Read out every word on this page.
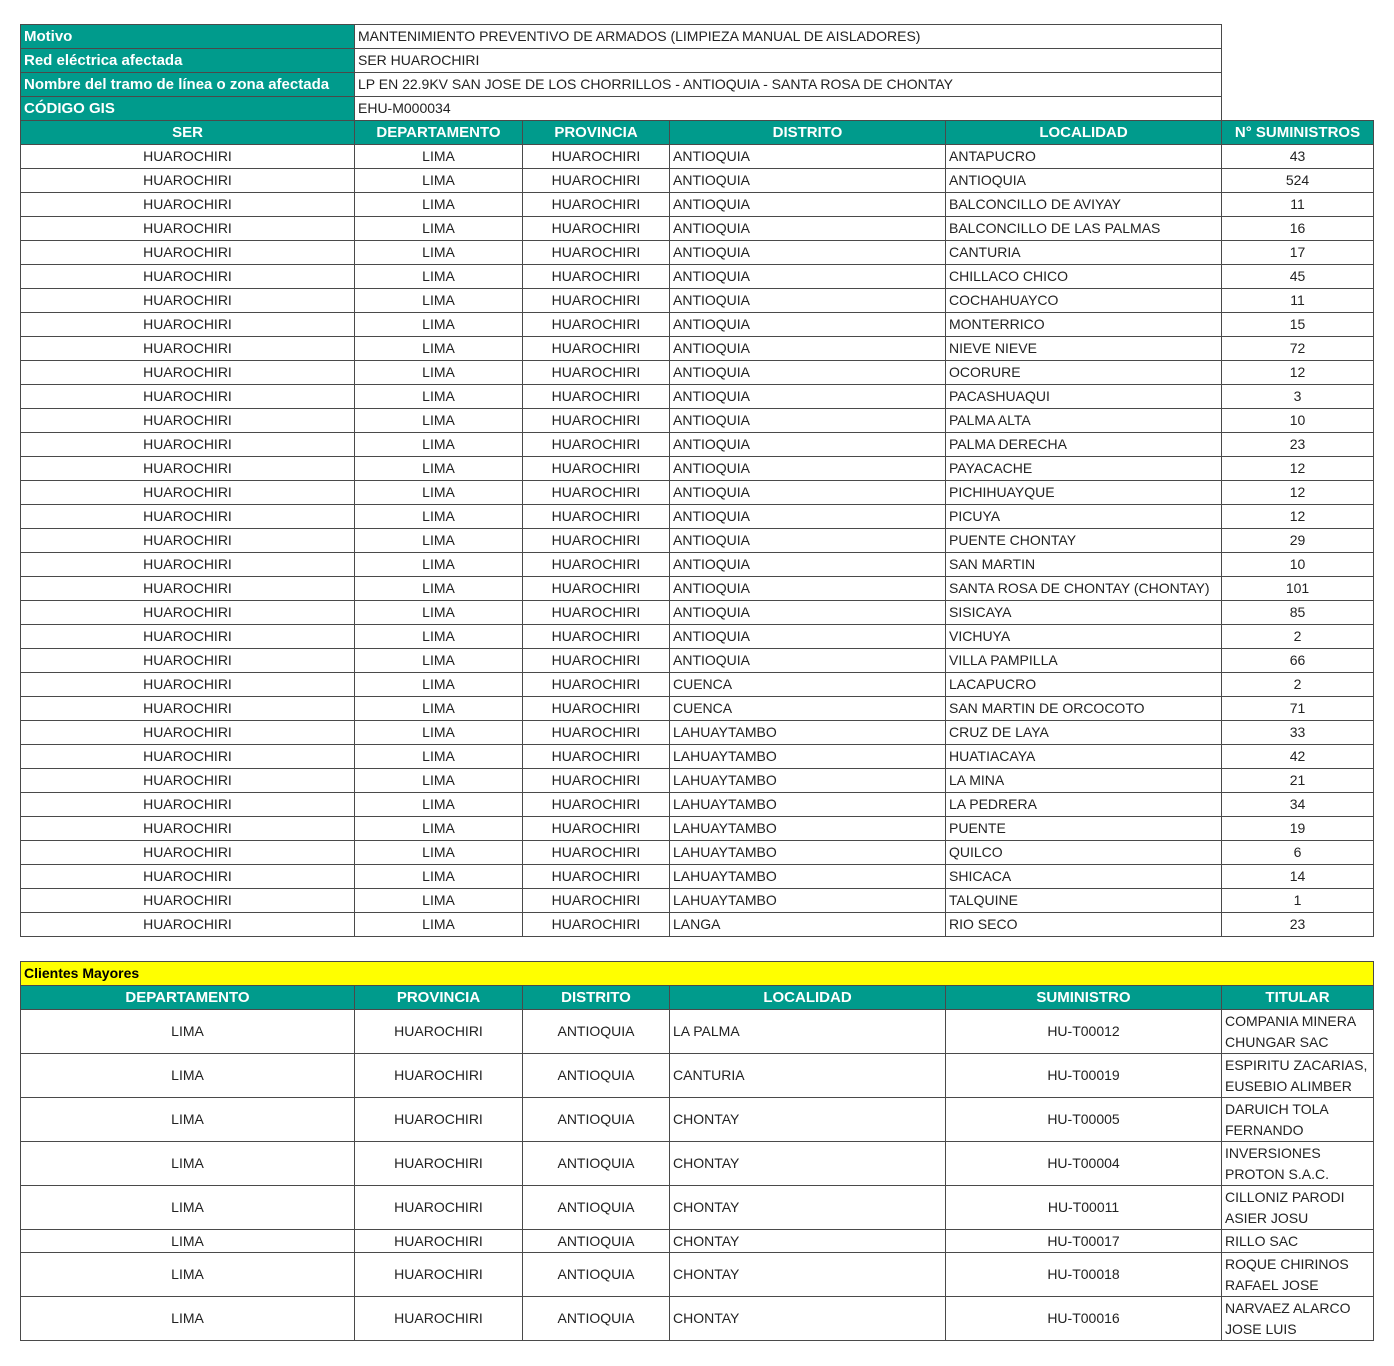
Motivo	MANTENIMIENTO PREVENTIVO DE ARMADOS (LIMPIEZA MANUAL DE AISLADORES)				
Red eléctrica afectada	SER HUAROCHIRI				
Nombre del tramo de línea o zona afectada	LP EN 22.9KV SAN JOSE DE LOS CHORRILLOS - ANTIOQUIA - SANTA ROSA DE CHONTAY				
CÓDIGO GIS	EHU-M000034				
SER	DEPARTAMENTO	PROVINCIA	DISTRITO	LOCALIDAD	N° SUMINISTROS
HUAROCHIRI	LIMA	HUAROCHIRI	ANTIOQUIA	ANTAPUCRO	43
HUAROCHIRI	LIMA	HUAROCHIRI	ANTIOQUIA	ANTIOQUIA	524
HUAROCHIRI	LIMA	HUAROCHIRI	ANTIOQUIA	BALCONCILLO DE AVIYAY	11
HUAROCHIRI	LIMA	HUAROCHIRI	ANTIOQUIA	BALCONCILLO DE LAS PALMAS	16
HUAROCHIRI	LIMA	HUAROCHIRI	ANTIOQUIA	CANTURIA	17
HUAROCHIRI	LIMA	HUAROCHIRI	ANTIOQUIA	CHILLACO CHICO	45
HUAROCHIRI	LIMA	HUAROCHIRI	ANTIOQUIA	COCHAHUAYCO	11
HUAROCHIRI	LIMA	HUAROCHIRI	ANTIOQUIA	MONTERRICO	15
HUAROCHIRI	LIMA	HUAROCHIRI	ANTIOQUIA	NIEVE NIEVE	72
HUAROCHIRI	LIMA	HUAROCHIRI	ANTIOQUIA	OCORURE	12
HUAROCHIRI	LIMA	HUAROCHIRI	ANTIOQUIA	PACASHUAQUI	3
HUAROCHIRI	LIMA	HUAROCHIRI	ANTIOQUIA	PALMA ALTA	10
HUAROCHIRI	LIMA	HUAROCHIRI	ANTIOQUIA	PALMA DERECHA	23
HUAROCHIRI	LIMA	HUAROCHIRI	ANTIOQUIA	PAYACACHE	12
HUAROCHIRI	LIMA	HUAROCHIRI	ANTIOQUIA	PICHIHUAYQUE	12
HUAROCHIRI	LIMA	HUAROCHIRI	ANTIOQUIA	PICUYA	12
HUAROCHIRI	LIMA	HUAROCHIRI	ANTIOQUIA	PUENTE CHONTAY	29
HUAROCHIRI	LIMA	HUAROCHIRI	ANTIOQUIA	SAN MARTIN	10
HUAROCHIRI	LIMA	HUAROCHIRI	ANTIOQUIA	SANTA ROSA DE CHONTAY (CHONTAY)	101
HUAROCHIRI	LIMA	HUAROCHIRI	ANTIOQUIA	SISICAYA	85
HUAROCHIRI	LIMA	HUAROCHIRI	ANTIOQUIA	VICHUYA	2
HUAROCHIRI	LIMA	HUAROCHIRI	ANTIOQUIA	VILLA PAMPILLA	66
HUAROCHIRI	LIMA	HUAROCHIRI	CUENCA	LACAPUCRO	2
HUAROCHIRI	LIMA	HUAROCHIRI	CUENCA	SAN MARTIN DE ORCOCOTO	71
HUAROCHIRI	LIMA	HUAROCHIRI	LAHUAYTAMBO	CRUZ DE LAYA	33
HUAROCHIRI	LIMA	HUAROCHIRI	LAHUAYTAMBO	HUATIACAYA	42
HUAROCHIRI	LIMA	HUAROCHIRI	LAHUAYTAMBO	LA MINA	21
HUAROCHIRI	LIMA	HUAROCHIRI	LAHUAYTAMBO	LA PEDRERA	34
HUAROCHIRI	LIMA	HUAROCHIRI	LAHUAYTAMBO	PUENTE	19
HUAROCHIRI	LIMA	HUAROCHIRI	LAHUAYTAMBO	QUILCO	6
HUAROCHIRI	LIMA	HUAROCHIRI	LAHUAYTAMBO	SHICACA	14
HUAROCHIRI	LIMA	HUAROCHIRI	LAHUAYTAMBO	TALQUINE	1
HUAROCHIRI	LIMA	HUAROCHIRI	LANGA	RIO SECO	23
Clientes Mayores					
DEPARTAMENTO	PROVINCIA	DISTRITO	LOCALIDAD	SUMINISTRO	TITULAR
LIMA	HUAROCHIRI	ANTIOQUIA	LA PALMA	HU-T00012	COMPANIA MINERA CHUNGAR SAC
LIMA	HUAROCHIRI	ANTIOQUIA	CANTURIA	HU-T00019	ESPIRITU ZACARIAS, EUSEBIO ALIMBER
LIMA	HUAROCHIRI	ANTIOQUIA	CHONTAY	HU-T00005	DARUICH TOLA FERNANDO
LIMA	HUAROCHIRI	ANTIOQUIA	CHONTAY	HU-T00004	INVERSIONES PROTON S.A.C.
LIMA	HUAROCHIRI	ANTIOQUIA	CHONTAY	HU-T00011	CILLONIZ PARODI ASIER JOSU
LIMA	HUAROCHIRI	ANTIOQUIA	CHONTAY	HU-T00017	RILLO SAC
LIMA	HUAROCHIRI	ANTIOQUIA	CHONTAY	HU-T00018	ROQUE CHIRINOS RAFAEL JOSE
LIMA	HUAROCHIRI	ANTIOQUIA	CHONTAY	HU-T00016	NARVAEZ ALARCO JOSE LUIS
